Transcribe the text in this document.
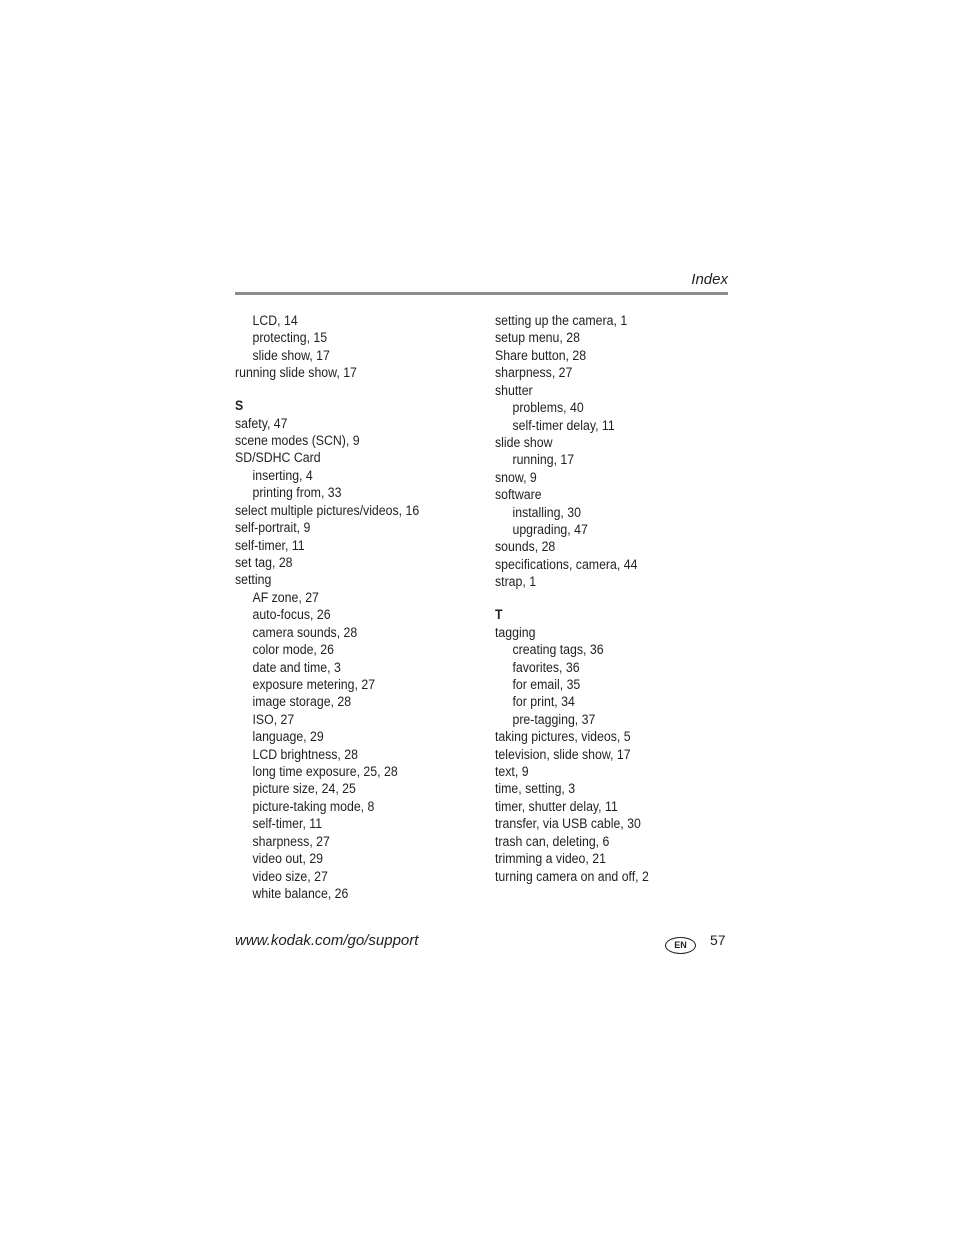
Index
LCD, 14
protecting, 15
slide show, 17
running slide show, 17
S
safety, 47
scene modes (SCN), 9
SD/SDHC Card
inserting, 4
printing from, 33
select multiple pictures/videos, 16
self-portrait, 9
self-timer, 11
set tag, 28
setting
AF zone, 27
auto-focus, 26
camera sounds, 28
color mode, 26
date and time, 3
exposure metering, 27
image storage, 28
ISO, 27
language, 29
LCD brightness, 28
long time exposure, 25, 28
picture size, 24, 25
picture-taking mode, 8
self-timer, 11
sharpness, 27
video out, 29
video size, 27
white balance, 26
setting up the camera, 1
setup menu, 28
Share button, 28
sharpness, 27
shutter
problems, 40
self-timer delay, 11
slide show
running, 17
snow, 9
software
installing, 30
upgrading, 47
sounds, 28
specifications, camera, 44
strap, 1
T
tagging
creating tags, 36
favorites, 36
for email, 35
for print, 34
pre-tagging, 37
taking pictures, videos, 5
television, slide show, 17
text, 9
time, setting, 3
timer, shutter delay, 11
transfer, via USB cable, 30
trash can, deleting, 6
trimming a video, 21
turning camera on and off, 2
www.kodak.com/go/support	EN	57
